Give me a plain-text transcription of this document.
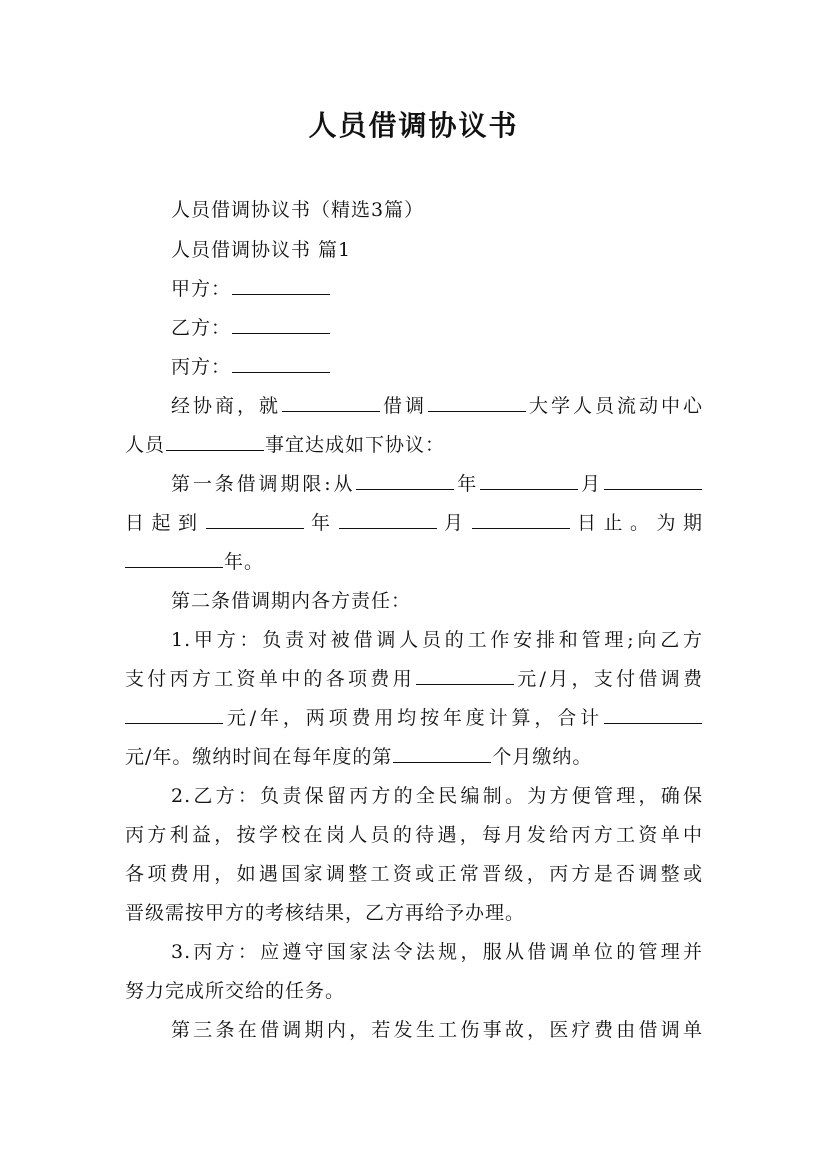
人员借调协议书
人员借调协议书（精选3篇）
人员借调协议书 篇1
甲方：
乙方：
丙方：
经协商，就	借调	大学人员流动中心
人员	事宜达成如下协议：
第一条借调期限:从	年	月
日起到	年	月	日止。为期
年。
第二条借调期内各方责任：
1.甲方：负责对被借调人员的工作安排和管理;向乙方
支付丙方工资单中的各项费用	元/月，支付借调费
元/年，两项费用均按年度计算，合计
元/年。缴纳时间在每年度的第	个月缴纳。
2.乙方：负责保留丙方的全民编制。为方便管理，确保
丙方利益，按学校在岗人员的待遇，每月发给丙方工资单中
各项费用，如遇国家调整工资或正常晋级，丙方是否调整或
晋级需按甲方的考核结果，乙方再给予办理。
3.丙方：应遵守国家法令法规，服从借调单位的管理并
努力完成所交给的任务。
第三条在借调期内，若发生工伤事故，医疗费由借调单
